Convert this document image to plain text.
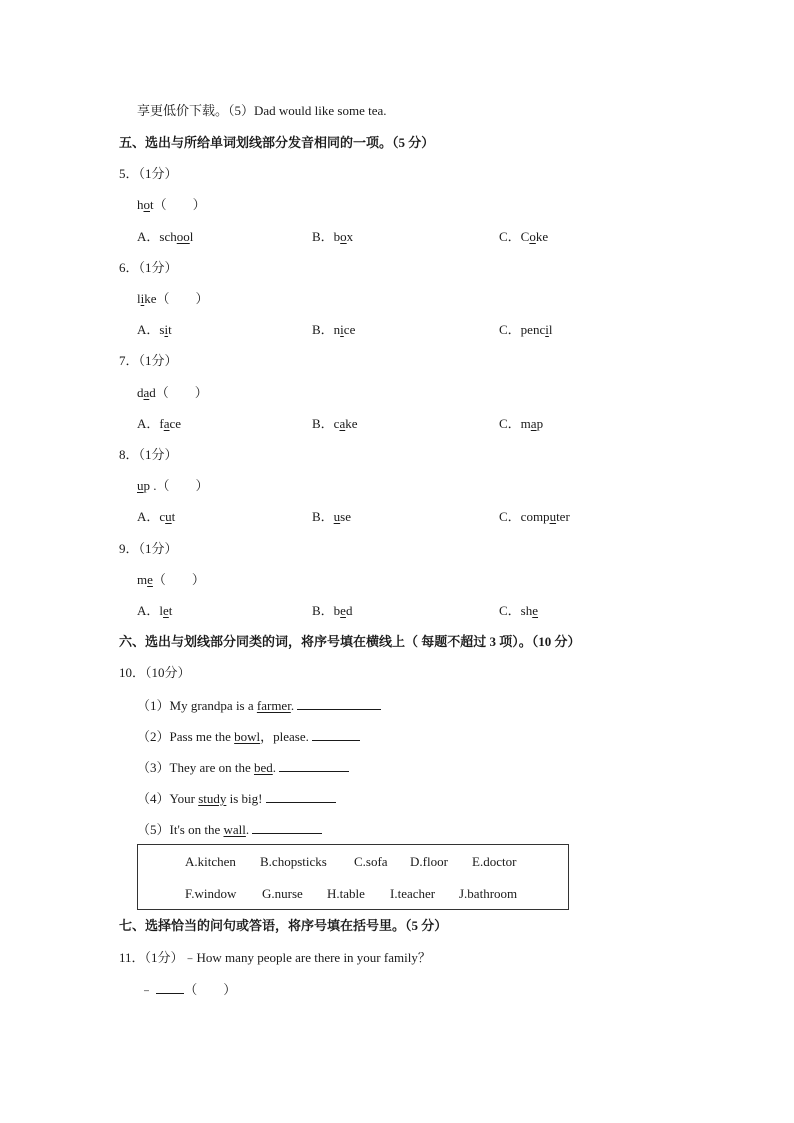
享更低价下载。（5）Dad would like some tea.
五、选出与所给单词划线部分发音相同的一项。（5 分）
5．（1分）
hot（　　）
A．school	B．box	C．Coke
6．（1分）
like（　　）
A．sit	B．nice	C．pencil
7．（1分）
dad（　　）
A．face	B．cake	C．map
8．（1分）
up .（　　）
A．cut	B．use	C．computer
9．（1分）
me（　　）
A．let	B．bed	C．she
六、选出与划线部分同类的词，将序号填在横线上（ 每题不超过 3 项）。（10 分）
10．（10分）
（1）My grandpa is a farmer.
（2）Pass me the bowl，please.
（3）They are on the bed.
（4）Your study is big!
（5）It's on the wall.
A.kitchen B.chopsticks C.sofa D.floor E.doctor
F.window G.nurse H.table I.teacher J.bathroom
七、选择恰当的问句或答语，将序号填在括号里。（5 分）
11．（1分）﹣How many people are there in your family？
﹣ （　　）
